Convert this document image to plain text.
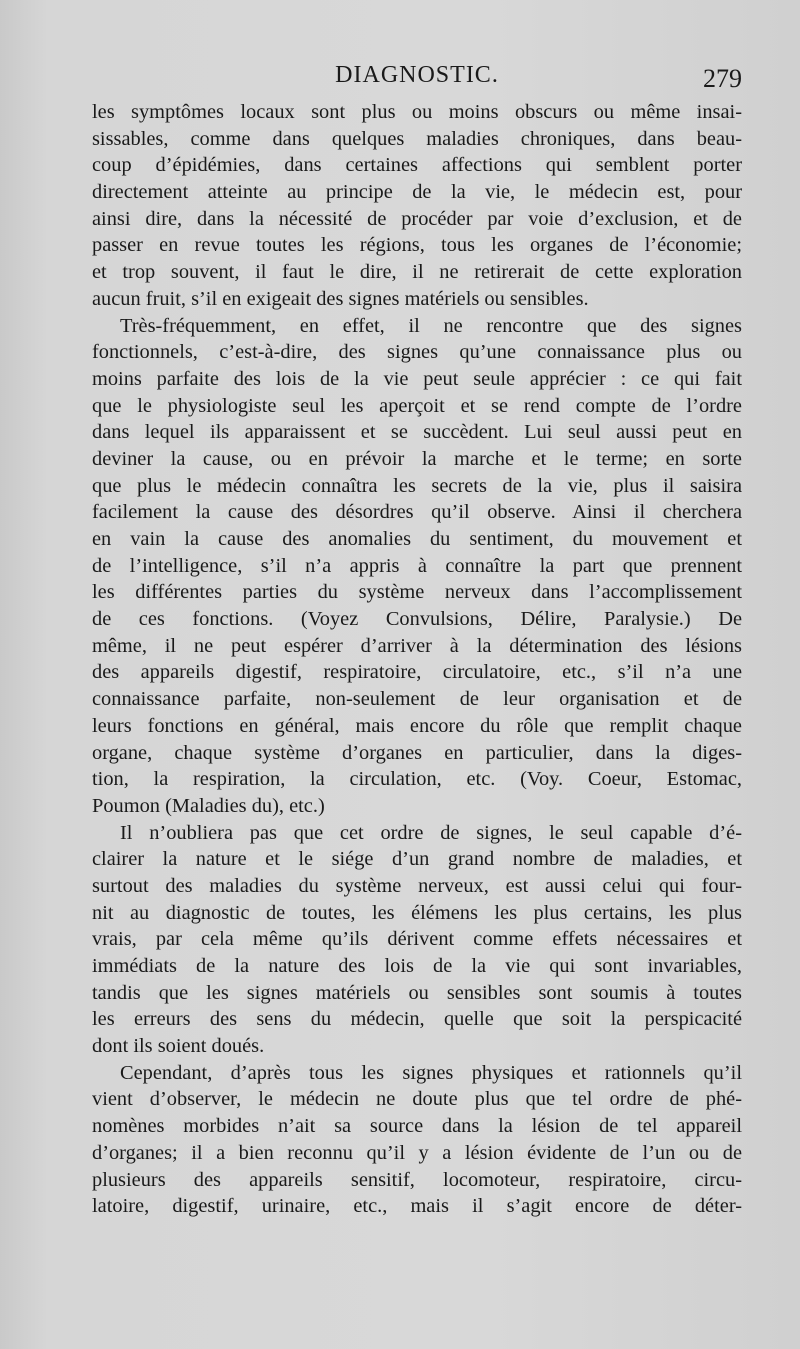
DIAGNOSTIC.	279
les symptômes locaux sont plus ou moins obscurs ou même insai-
sissables, comme dans quelques maladies chroniques, dans beau-
coup d’épidémies, dans certaines affections qui semblent porter
directement atteinte au principe de la vie, le médecin est, pour
ainsi dire, dans la nécessité de procéder par voie d’exclusion, et de
passer en revue toutes les régions, tous les organes de l’économie;
et trop souvent, il faut le dire, il ne retirerait de cette exploration
aucun fruit, s’il en exigeait des signes matériels ou sensibles.
Très-fréquemment, en effet, il ne rencontre que des signes
fonctionnels, c’est-à-dire, des signes qu’une connaissance plus ou
moins parfaite des lois de la vie peut seule apprécier : ce qui fait
que le physiologiste seul les aperçoit et se rend compte de l’ordre
dans lequel ils apparaissent et se succèdent. Lui seul aussi peut en
deviner la cause, ou en prévoir la marche et le terme; en sorte
que plus le médecin connaîtra les secrets de la vie, plus il saisira
facilement la cause des désordres qu’il observe. Ainsi il cherchera
en vain la cause des anomalies du sentiment, du mouvement et
de l’intelligence, s’il n’a appris à connaître la part que prennent
les différentes parties du système nerveux dans l’accomplissement
de ces fonctions. (Voyez Convulsions, Délire, Paralysie.) De
même, il ne peut espérer d’arriver à la détermination des lésions
des appareils digestif, respiratoire, circulatoire, etc., s’il n’a une
connaissance parfaite, non-seulement de leur organisation et de
leurs fonctions en général, mais encore du rôle que remplit chaque
organe, chaque système d’organes en particulier, dans la diges-
tion, la respiration, la circulation, etc. (Voy. Coeur, Estomac,
Poumon (Maladies du), etc.)
Il n’oubliera pas que cet ordre de signes, le seul capable d’é-
clairer la nature et le siége d’un grand nombre de maladies, et
surtout des maladies du système nerveux, est aussi celui qui four-
nit au diagnostic de toutes, les élémens les plus certains, les plus
vrais, par cela même qu’ils dérivent comme effets nécessaires et
immédiats de la nature des lois de la vie qui sont invariables,
tandis que les signes matériels ou sensibles sont soumis à toutes
les erreurs des sens du médecin, quelle que soit la perspicacité
dont ils soient doués.
Cependant, d’après tous les signes physiques et rationnels qu’il
vient d’observer, le médecin ne doute plus que tel ordre de phé-
nomènes morbides n’ait sa source dans la lésion de tel appareil
d’organes; il a bien reconnu qu’il y a lésion évidente de l’un ou de
plusieurs des appareils sensitif, locomoteur, respiratoire, circu-
latoire, digestif, urinaire, etc., mais il s’agit encore de déter-
